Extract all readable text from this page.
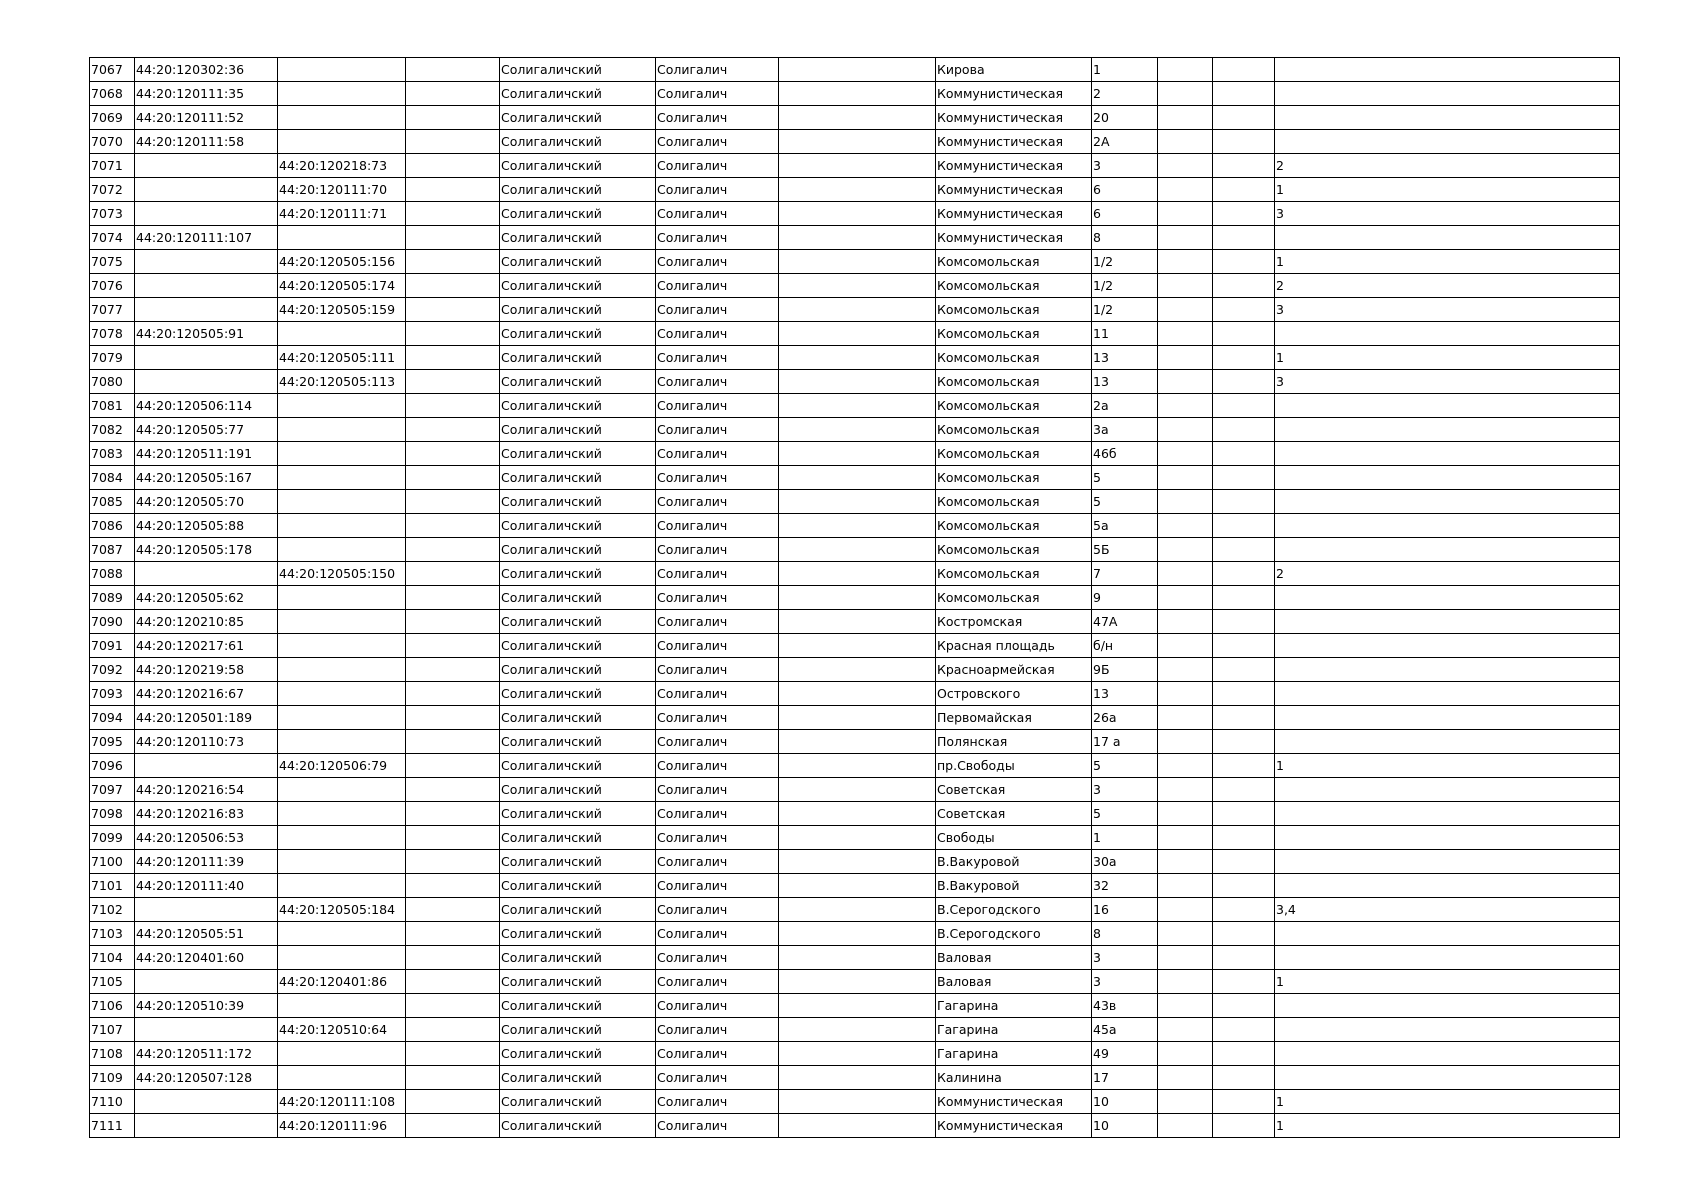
7067	44:20:120302:36			Солигаличский	Солигалич		Кирова	1			
7068	44:20:120111:35			Солигаличский	Солигалич		Коммунистическая	2			
7069	44:20:120111:52			Солигаличский	Солигалич		Коммунистическая	20			
7070	44:20:120111:58			Солигаличский	Солигалич		Коммунистическая	2А			
7071		44:20:120218:73		Солигаличский	Солигалич		Коммунистическая	3			2
7072		44:20:120111:70		Солигаличский	Солигалич		Коммунистическая	6			1
7073		44:20:120111:71		Солигаличский	Солигалич		Коммунистическая	6			3
7074	44:20:120111:107			Солигаличский	Солигалич		Коммунистическая	8			
7075		44:20:120505:156		Солигаличский	Солигалич		Комсомольская	1/2			1
7076		44:20:120505:174		Солигаличский	Солигалич		Комсомольская	1/2			2
7077		44:20:120505:159		Солигаличский	Солигалич		Комсомольская	1/2			3
7078	44:20:120505:91			Солигаличский	Солигалич		Комсомольская	11			
7079		44:20:120505:111		Солигаличский	Солигалич		Комсомольская	13			1
7080		44:20:120505:113		Солигаличский	Солигалич		Комсомольская	13			3
7081	44:20:120506:114			Солигаличский	Солигалич		Комсомольская	2а			
7082	44:20:120505:77			Солигаличский	Солигалич		Комсомольская	3а			
7083	44:20:120511:191			Солигаличский	Солигалич		Комсомольская	46б			
7084	44:20:120505:167			Солигаличский	Солигалич		Комсомольская	5			
7085	44:20:120505:70			Солигаличский	Солигалич		Комсомольская	5			
7086	44:20:120505:88			Солигаличский	Солигалич		Комсомольская	5а			
7087	44:20:120505:178			Солигаличский	Солигалич		Комсомольская	5Б			
7088		44:20:120505:150		Солигаличский	Солигалич		Комсомольская	7			2
7089	44:20:120505:62			Солигаличский	Солигалич		Комсомольская	9			
7090	44:20:120210:85			Солигаличский	Солигалич		Костромская	47А			
7091	44:20:120217:61			Солигаличский	Солигалич		Красная площадь	б/н			
7092	44:20:120219:58			Солигаличский	Солигалич		Красноармейская	9Б			
7093	44:20:120216:67			Солигаличский	Солигалич		Островского	13			
7094	44:20:120501:189			Солигаличский	Солигалич		Первомайская	26а			
7095	44:20:120110:73			Солигаличский	Солигалич		Полянская	17 а			
7096		44:20:120506:79		Солигаличский	Солигалич		пр.Свободы	5			1
7097	44:20:120216:54			Солигаличский	Солигалич		Советская	3			
7098	44:20:120216:83			Солигаличский	Солигалич		Советская	5			
7099	44:20:120506:53			Солигаличский	Солигалич		Свободы	1			
7100	44:20:120111:39			Солигаличский	Солигалич		В.Вакуровой	30а			
7101	44:20:120111:40			Солигаличский	Солигалич		В.Вакуровой	32			
7102		44:20:120505:184		Солигаличский	Солигалич		В.Серогодского	16			3,4
7103	44:20:120505:51			Солигаличский	Солигалич		В.Серогодского	8			
7104	44:20:120401:60			Солигаличский	Солигалич		Валовая	3			
7105		44:20:120401:86		Солигаличский	Солигалич		Валовая	3			1
7106	44:20:120510:39			Солигаличский	Солигалич		Гагарина	43в			
7107		44:20:120510:64		Солигаличский	Солигалич		Гагарина	45а			
7108	44:20:120511:172			Солигаличский	Солигалич		Гагарина	49			
7109	44:20:120507:128			Солигаличский	Солигалич		Калинина	17			
7110		44:20:120111:108		Солигаличский	Солигалич		Коммунистическая	10			1
7111		44:20:120111:96		Солигаличский	Солигалич		Коммунистическая	10			1
